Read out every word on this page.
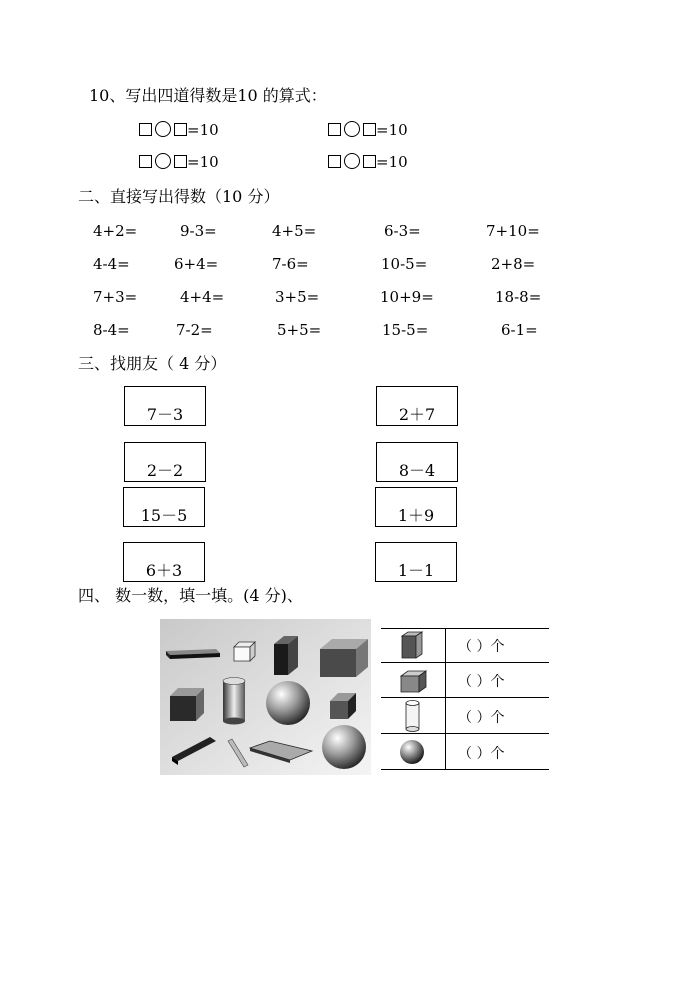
10、写出四道得数是10 的算式：
=10	=10
=10	=10
二、直接写出得数（10 分）
4+2=	9-3=	4+5=	6-3=	7+10=
4-4=	6+4=	7-6=	10-5=	2+8=
7+3=	4+4=	3+5=	10+9=	18-8=
8-4=	7-2=	5+5=	15-5=	6-1=
三、找朋友（ 4 分）
7－3
2－2
15－5
6＋3
2＋7
8－4
1＋9
1－1
四、 数一数，填一填。(4 分)、
（ ）个
（ ）个
（ ）个
（ ）个
